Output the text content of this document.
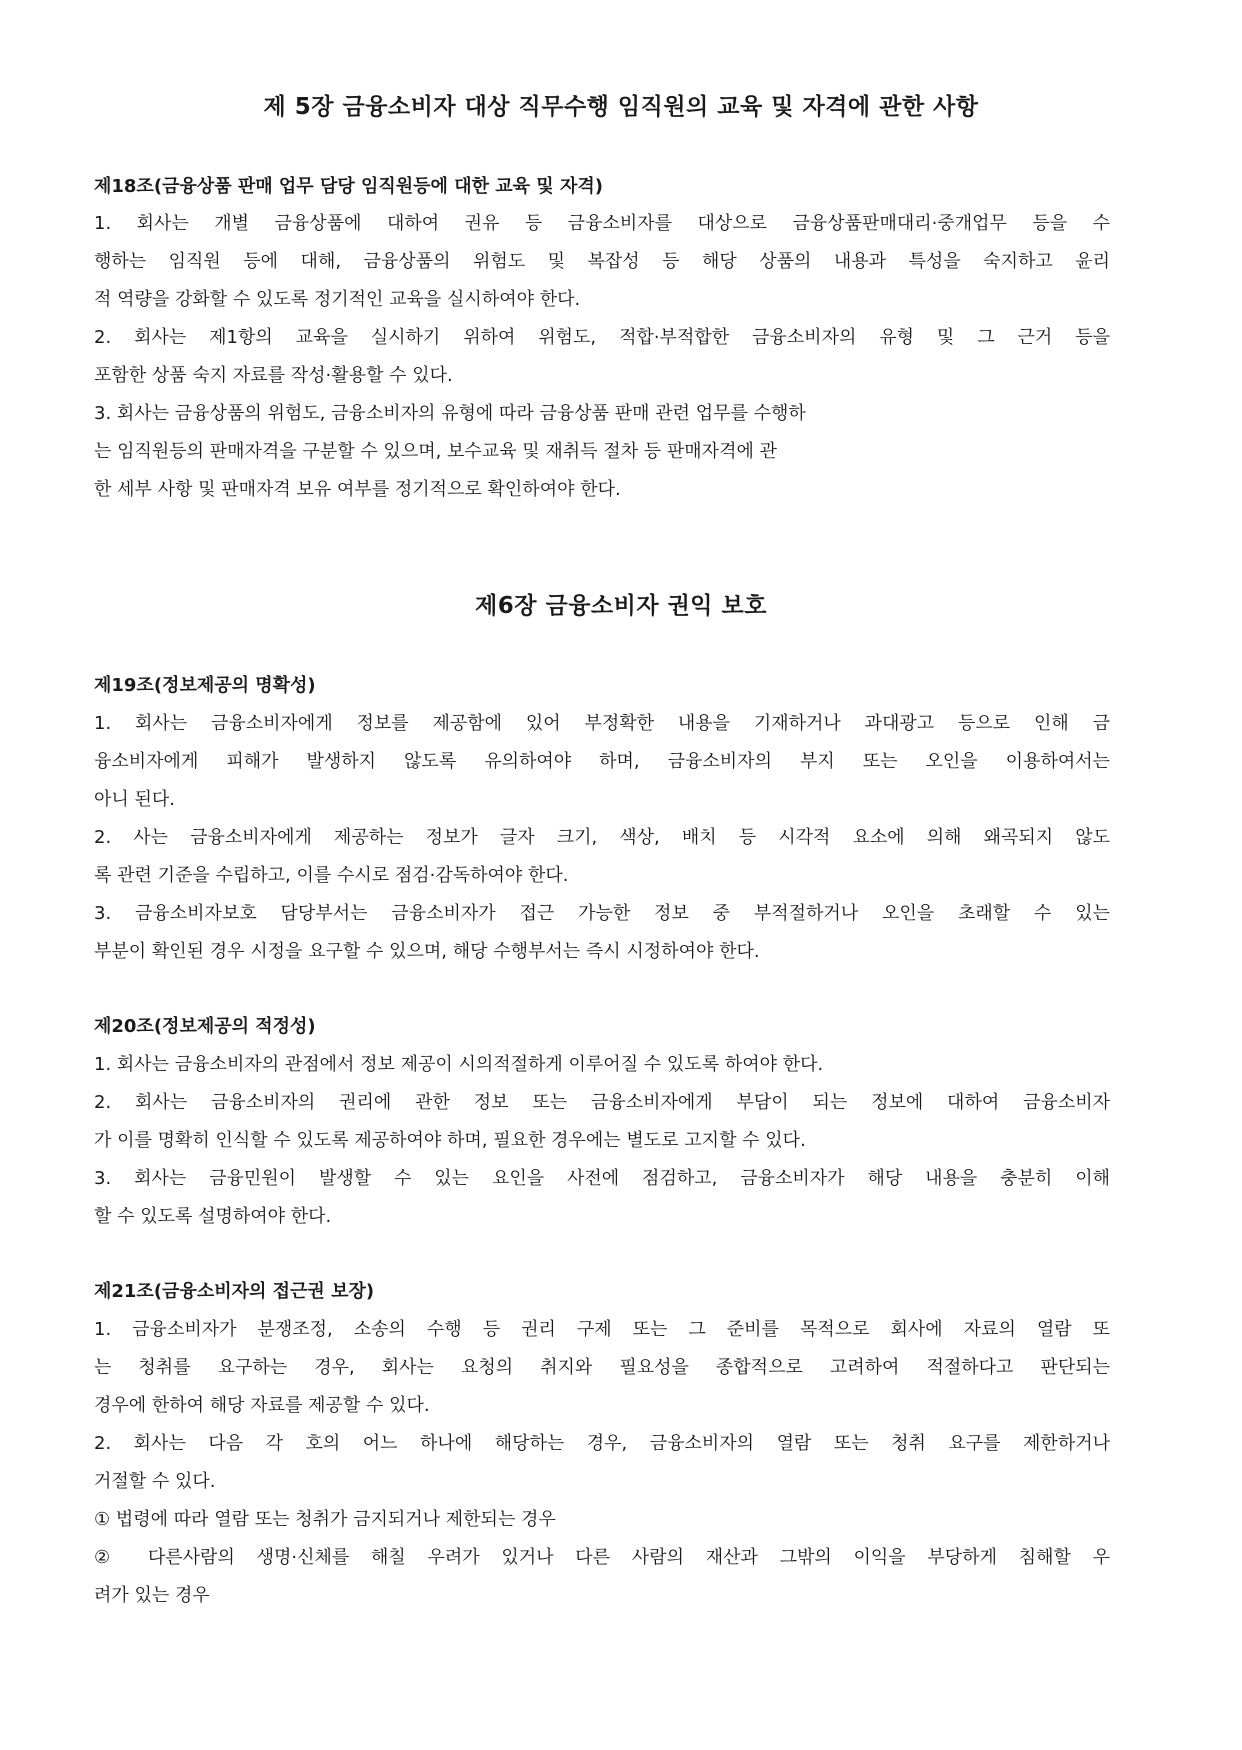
제 5장 금융소비자 대상 직무수행 임직원의 교육 및 자격에 관한 사항
제18조(금융상품 판매 업무 담당 임직원등에 대한 교육 및 자격)
1. 회사는 개별 금융상품에 대하여 권유 등 금융소비자를 대상으로 금융상품판매대리·중개업무 등을 수
행하는 임직원 등에 대해, 금융상품의 위험도 및 복잡성 등 해당 상품의 내용과 특성을 숙지하고 윤리
적 역량을 강화할 수 있도록 정기적인 교육을 실시하여야 한다.
2. 회사는 제1항의 교육을 실시하기 위하여 위험도, 적합·부적합한 금융소비자의 유형 및 그 근거 등을
포함한 상품 숙지 자료를 작성·활용할 수 있다.
3. 회사는 금융상품의 위험도, 금융소비자의 유형에 따라 금융상품 판매 관련 업무를 수행하
는 임직원등의 판매자격을 구분할 수 있으며, 보수교육 및 재취득 절차 등 판매자격에 관
한 세부 사항 및 판매자격 보유 여부를 정기적으로 확인하여야 한다.
제6장 금융소비자 권익 보호
제19조(정보제공의 명확성)
1. 회사는 금융소비자에게 정보를 제공함에 있어 부정확한 내용을 기재하거나 과대광고 등으로 인해 금
융소비자에게 피해가 발생하지 않도록 유의하여야 하며, 금융소비자의 부지 또는 오인을 이용하여서는
아니 된다.
2. 사는 금융소비자에게 제공하는 정보가 글자 크기, 색상, 배치 등 시각적 요소에 의해 왜곡되지 않도
록 관련 기준을 수립하고, 이를 수시로 점검·감독하여야 한다.
3. 금융소비자보호 담당부서는 금융소비자가 접근 가능한 정보 중 부적절하거나 오인을 초래할 수 있는
부분이 확인된 경우 시정을 요구할 수 있으며, 해당 수행부서는 즉시 시정하여야 한다.
제20조(정보제공의 적정성)
1. 회사는 금융소비자의 관점에서 정보 제공이 시의적절하게 이루어질 수 있도록 하여야 한다.
2. 회사는 금융소비자의 권리에 관한 정보 또는 금융소비자에게 부담이 되는 정보에 대하여 금융소비자
가 이를 명확히 인식할 수 있도록 제공하여야 하며, 필요한 경우에는 별도로 고지할 수 있다.
3. 회사는 금융민원이 발생할 수 있는 요인을 사전에 점검하고, 금융소비자가 해당 내용을 충분히 이해
할 수 있도록 설명하여야 한다.
제21조(금융소비자의 접근권 보장)
1. 금융소비자가 분쟁조정, 소송의 수행 등 권리 구제 또는 그 준비를 목적으로 회사에 자료의 열람 또
는 청취를 요구하는 경우, 회사는 요청의 취지와 필요성을 종합적으로 고려하여 적절하다고 판단되는
경우에 한하여 해당 자료를 제공할 수 있다.
2. 회사는 다음 각 호의 어느 하나에 해당하는 경우, 금융소비자의 열람 또는 청취 요구를 제한하거나
거절할 수 있다.
① 법령에 따라 열람 또는 청취가 금지되거나 제한되는 경우
② 다른사람의 생명·신체를 해칠 우려가 있거나 다른 사람의 재산과 그밖의 이익을 부당하게 침해할 우
려가 있는 경우
